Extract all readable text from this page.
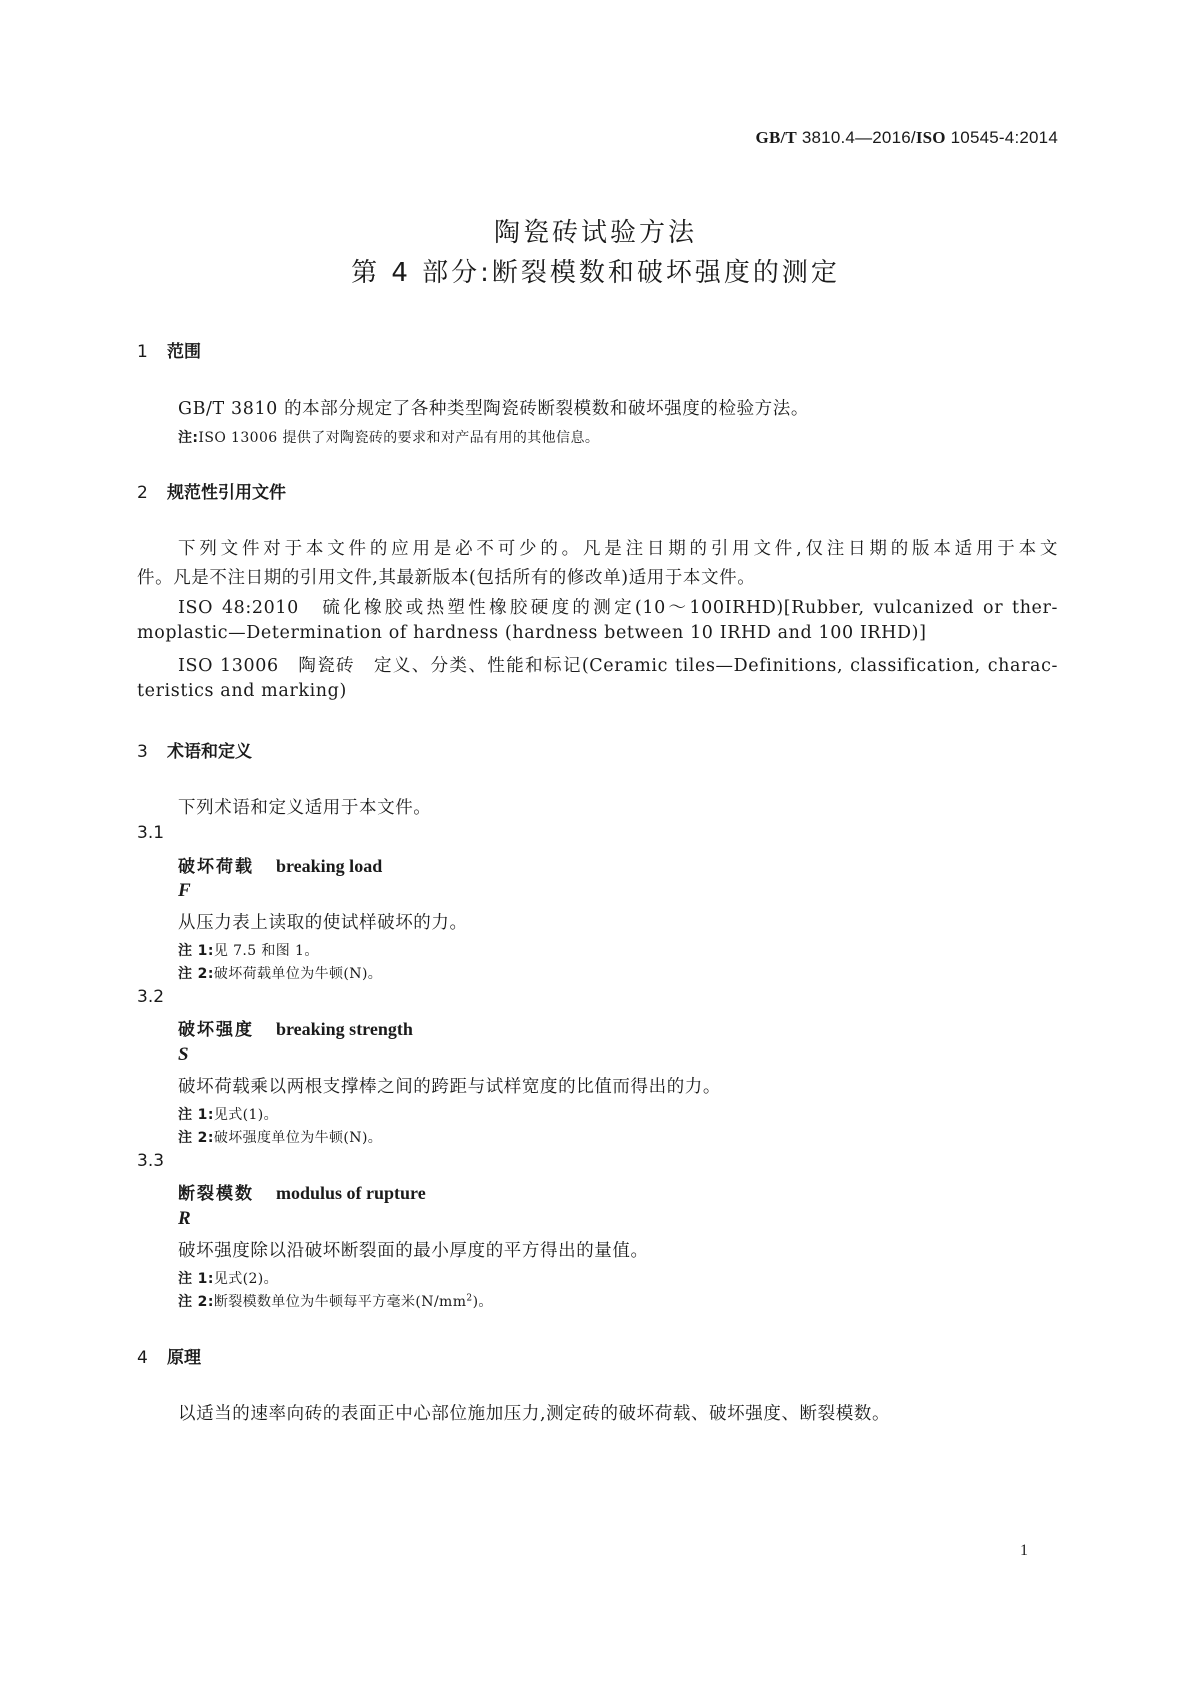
GB/T 3810.4—2016/ISO 10545-4:2014
陶瓷砖试验方法
第 4 部分:断裂模数和破坏强度的测定
1 范围
GB/T 3810 的本部分规定了各种类型陶瓷砖断裂模数和破坏强度的检验方法。
注:ISO 13006 提供了对陶瓷砖的要求和对产品有用的其他信息。
2 规范性引用文件
下列文件对于本文件的应用是必不可少的。凡是注日期的引用文件,仅注日期的版本适用于本文
件。凡是不注日期的引用文件,其最新版本(包括所有的修改单)适用于本文件。
ISO 48:2010　硫化橡胶或热塑性橡胶硬度的测定(10～100IRHD)[Rubber, vulcanized or ther-
moplastic—Determination of hardness (hardness between 10 IRHD and 100 IRHD)]
ISO 13006　陶瓷砖　定义、分类、性能和标记(Ceramic tiles—Definitions, classification, charac-
teristics and marking)
3 术语和定义
下列术语和定义适用于本文件。
3.1
破坏荷载 breaking load
F
从压力表上读取的使试样破坏的力。
注 1:见 7.5 和图 1。
注 2:破坏荷载单位为牛顿(N)。
3.2
破坏强度 breaking strength
S
破坏荷载乘以两根支撑棒之间的跨距与试样宽度的比值而得出的力。
注 1:见式(1)。
注 2:破坏强度单位为牛顿(N)。
3.3
断裂模数 modulus of rupture
R
破坏强度除以沿破坏断裂面的最小厚度的平方得出的量值。
注 1:见式(2)。
注 2:断裂模数单位为牛顿每平方毫米$(N/mm^2)$。
4 原理
以适当的速率向砖的表面正中心部位施加压力,测定砖的破坏荷载、破坏强度、断裂模数。
1
